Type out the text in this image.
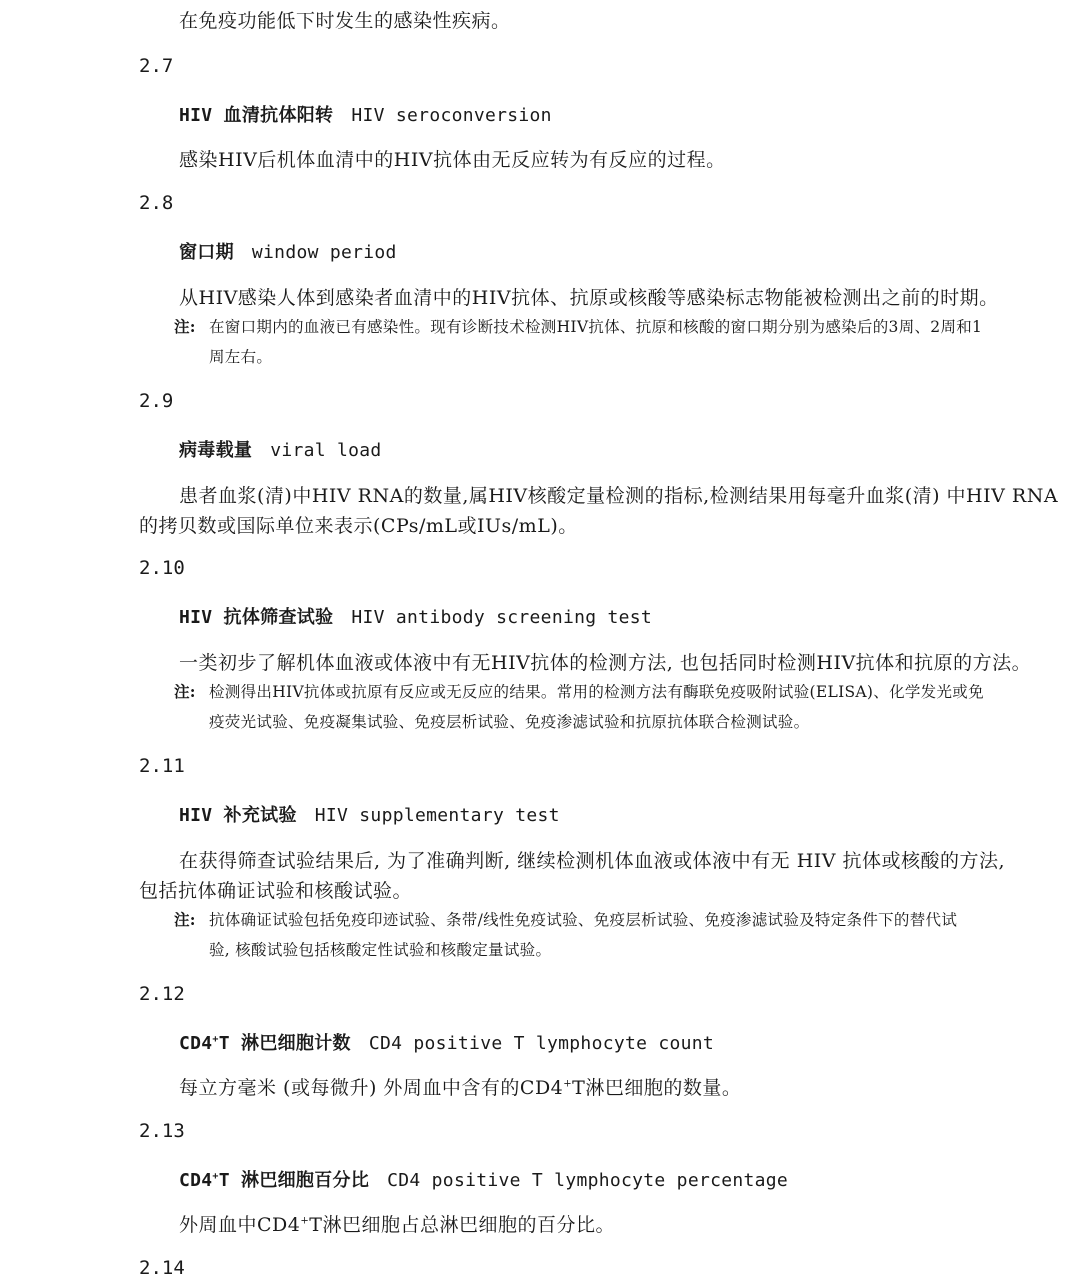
在免疫功能低下时发生的感染性疾病。
2.7
HIV 血清抗体阳转 HIV seroconversion
感染HIV后机体血清中的HIV抗体由无反应转为有反应的过程。
2.8
窗口期 window period
从HIV感染人体到感染者血清中的HIV抗体、抗原或核酸等感染标志物能被检测出之前的时期。
注: 在窗口期内的血液已有感染性。现有诊断技术检测HIV抗体、抗原和核酸的窗口期分别为感染后的3周、2周和1
周左右。
2.9
病毒载量 viral load
患者血浆(清)中HIV RNA的数量,属HIV核酸定量检测的指标,检测结果用每毫升血浆(清) 中HIV RNA
的拷贝数或国际单位来表示(CPs/mL或IUs/mL)。
2.10
HIV 抗体筛查试验 HIV antibody screening test
一类初步了解机体血液或体液中有无HIV抗体的检测方法, 也包括同时检测HIV抗体和抗原的方法。
注: 检测得出HIV抗体或抗原有反应或无反应的结果。常用的检测方法有酶联免疫吸附试验(ELISA)、化学发光或免
疫荧光试验、免疫凝集试验、免疫层析试验、免疫渗滤试验和抗原抗体联合检测试验。
2.11
HIV 补充试验 HIV supplementary test
在获得筛查试验结果后, 为了准确判断, 继续检测机体血液或体液中有无 HIV 抗体或核酸的方法,
包括抗体确证试验和核酸试验。
注: 抗体确证试验包括免疫印迹试验、条带/线性免疫试验、免疫层析试验、免疫渗滤试验及特定条件下的替代试
验, 核酸试验包括核酸定性试验和核酸定量试验。
2.12
CD4+T 淋巴细胞计数 CD4 positive T lymphocyte count
每立方毫米 (或每微升) 外周血中含有的CD4+T淋巴细胞的数量。
2.13
CD4+T 淋巴细胞百分比 CD4 positive T lymphocyte percentage
外周血中CD4+T淋巴细胞占总淋巴细胞的百分比。
2.14
